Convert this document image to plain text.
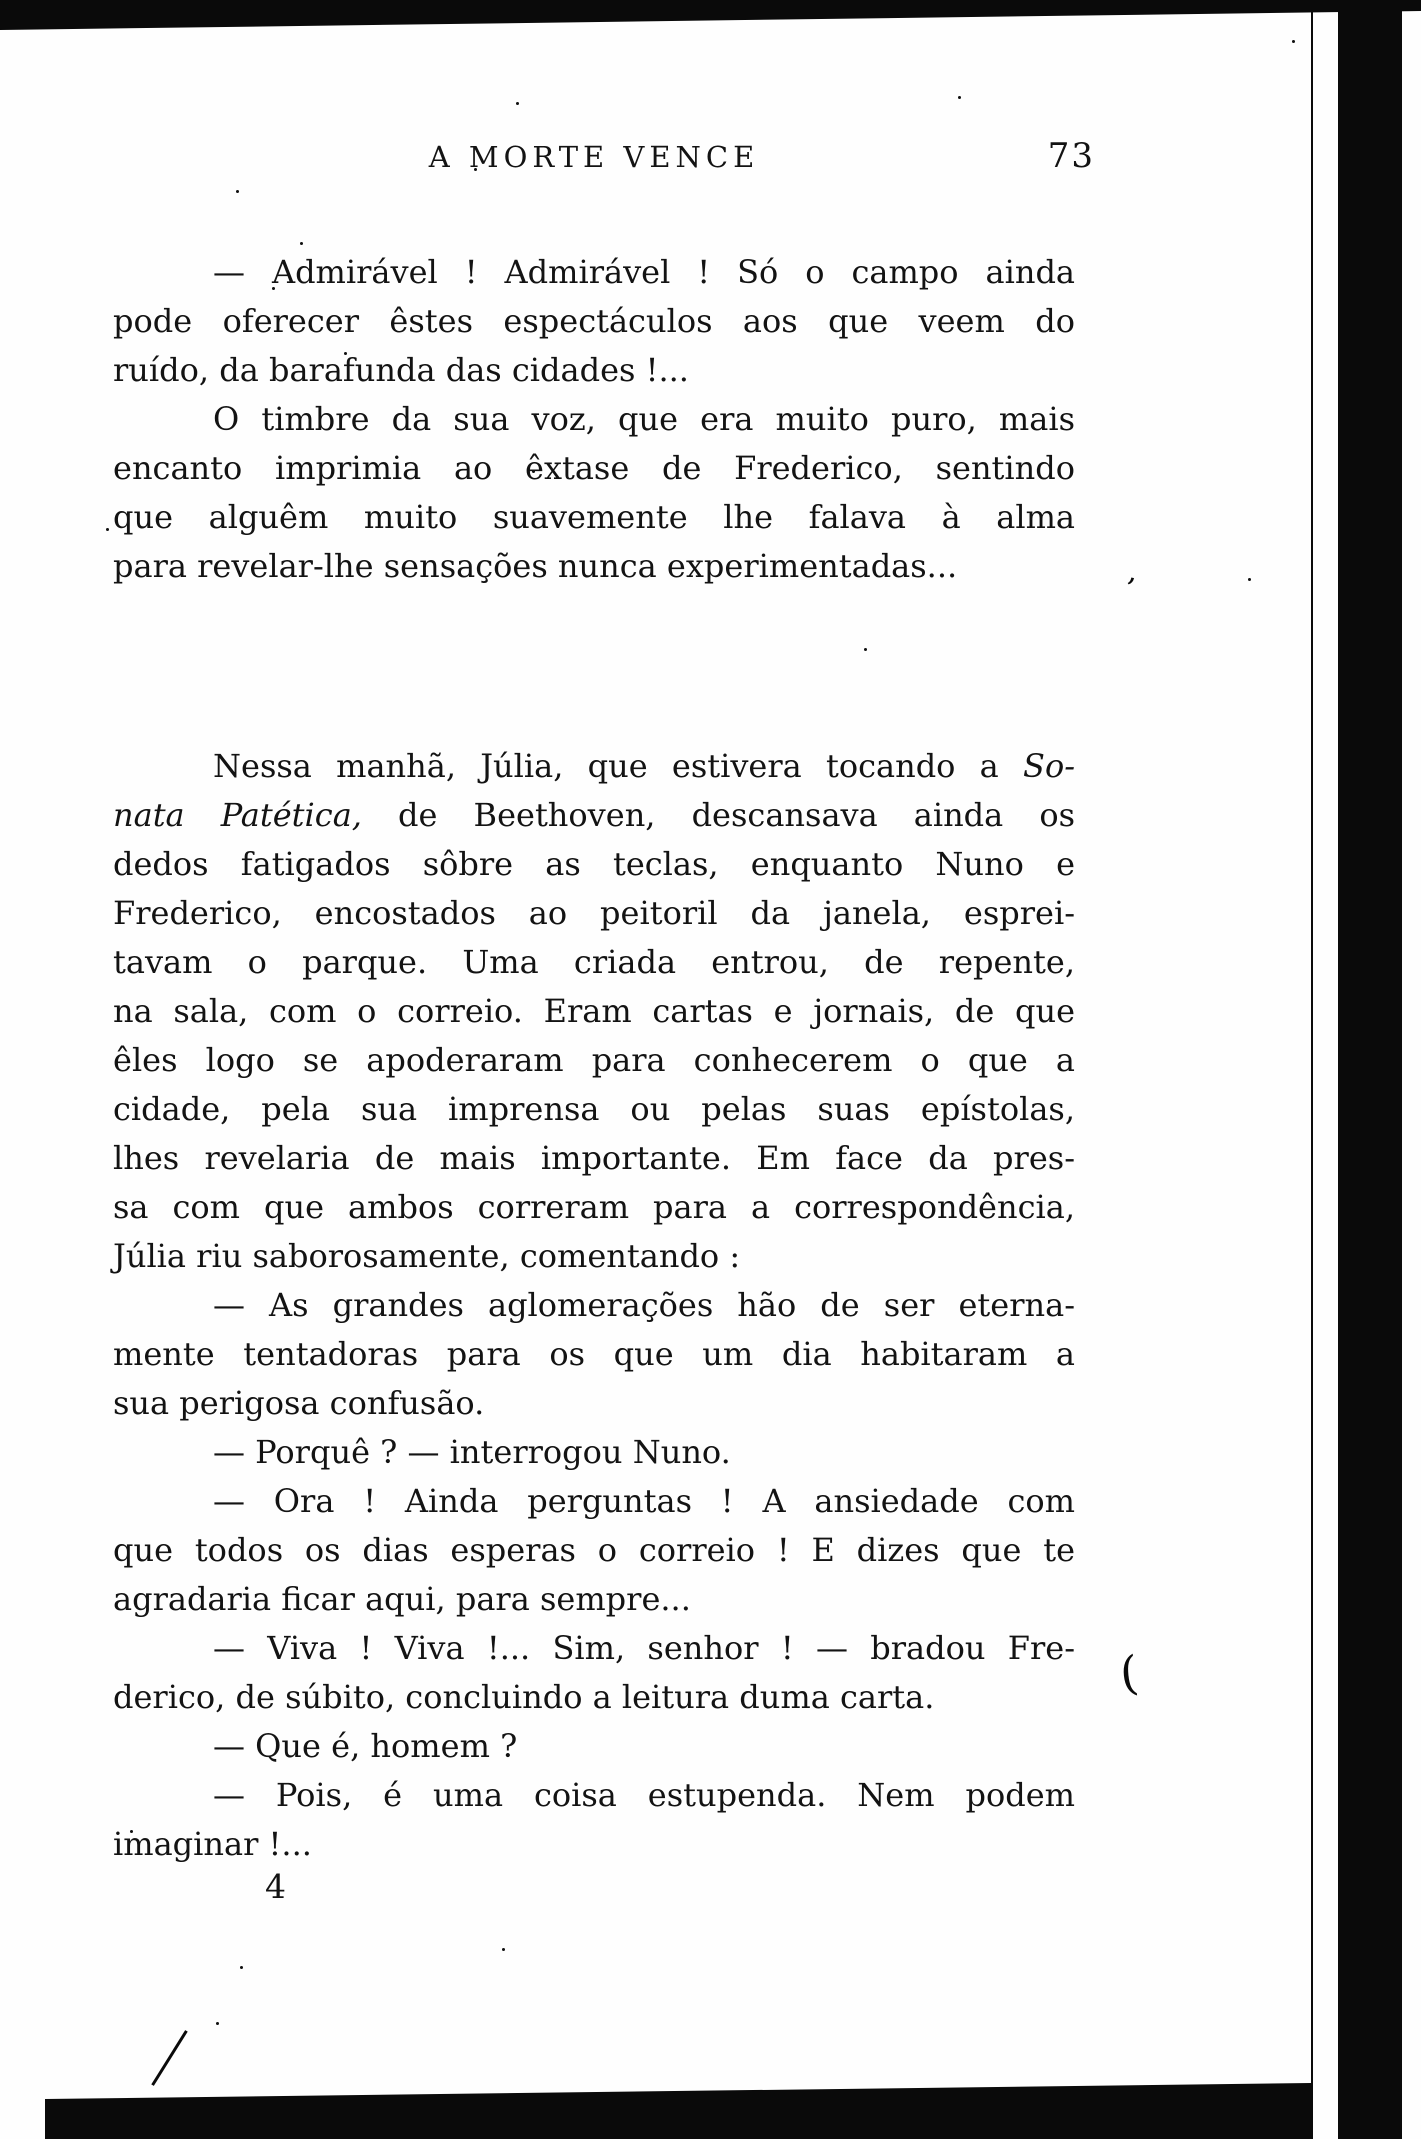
’
(
A MORTE VENCE	73
— Admirável ! Admirável ! Só o campo ainda
pode oferecer êstes espectáculos aos que veem do
ruído, da barafunda das cidades !...
O timbre da sua voz, que era muito puro, mais
encanto imprimia ao êxtase de Frederico, sentindo
que alguêm muito suavemente lhe falava à alma
para revelar-lhe sensações nunca experimentadas...
Nessa manhã, Júlia, que estivera tocando a So-
nata Patética, de Beethoven, descansava ainda os
dedos fatigados sôbre as teclas, enquanto Nuno e
Frederico, encostados ao peitoril da janela, esprei-
tavam o parque. Uma criada entrou, de repente,
na sala, com o correio. Eram cartas e jornais, de que
êles logo se apoderaram para conhecerem o que a
cidade, pela sua imprensa ou pelas suas epístolas,
lhes revelaria de mais importante. Em face da pres-
sa com que ambos correram para a correspondência,
Júlia riu saborosamente, comentando :
— As grandes aglomerações hão de ser eterna-
mente tentadoras para os que um dia habitaram a
sua perigosa confusão.
— Porquê ? — interrogou Nuno.
— Ora ! Ainda perguntas ! A ansiedade com
que todos os dias esperas o correio ! E dizes que te
agradaria ficar aqui, para sempre...
— Viva ! Viva !... Sim, senhor ! — bradou Fre-
derico, de súbito, concluindo a leitura duma carta.
— Que é, homem ?
— Pois, é uma coisa estupenda. Nem podem
imaginar !...
4
